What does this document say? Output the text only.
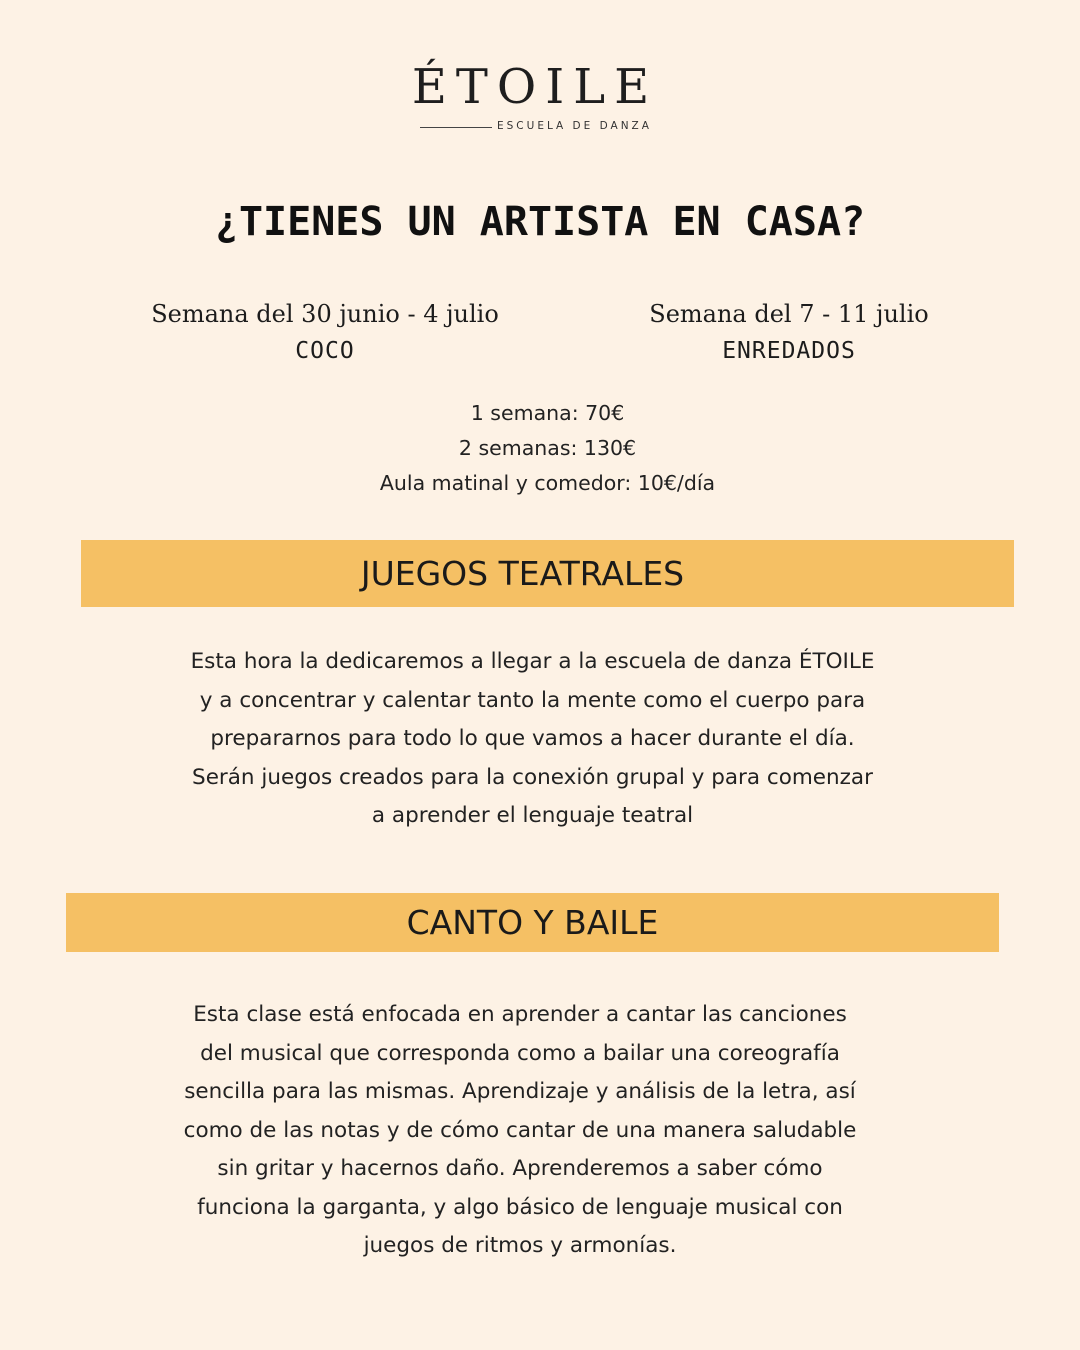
ÉTOILE
ESCUELA DE DANZA
¿TIENES UN ARTISTA EN CASA?
Semana del 30 junio - 4 julio
COCO
Semana del 7 - 11 julio
ENREDADOS
1 semana: 70€
2 semanas: 130€
Aula matinal y comedor: 10€/día
JUEGOS TEATRALES
Esta hora la dedicaremos a llegar a la escuela de danza ÉTOILE
y a concentrar y calentar tanto la mente como el cuerpo para
prepararnos para todo lo que vamos a hacer durante el día.
Serán juegos creados para la conexión grupal y para comenzar
a aprender el lenguaje teatral
CANTO Y BAILE
Esta clase está enfocada en aprender a cantar las canciones
del musical que corresponda como a bailar una coreografía
sencilla para las mismas. Aprendizaje y análisis de la letra, así
como de las notas y de cómo cantar de una manera saludable
sin gritar y hacernos daño. Aprenderemos a saber cómo
funciona la garganta, y algo básico de lenguaje musical con
juegos de ritmos y armonías.
